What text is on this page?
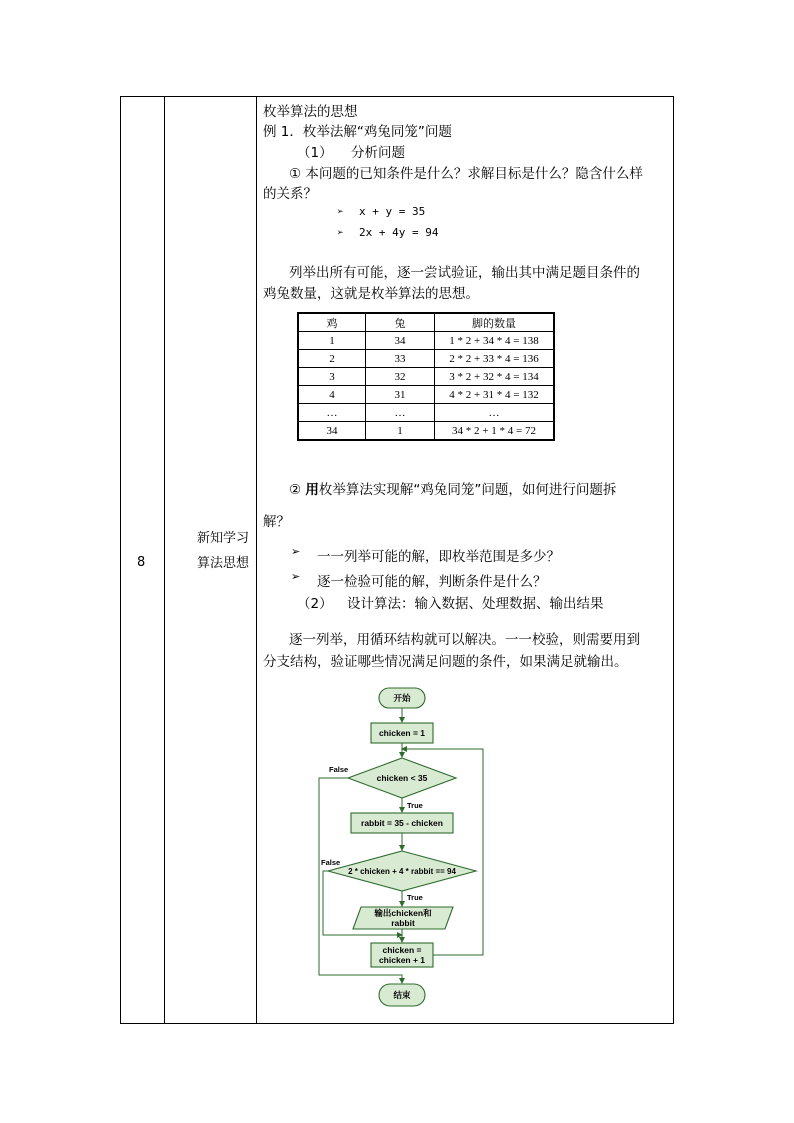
8
新知学习
算法思想
枚举算法的思想
例 1．枚举法解“鸡兔同笼”问题
（1） 分析问题
① 本问题的已知条件是什么？求解目标是什么？隐含什么样
的关系？
➢ x + y = 35
➢ 2x + 4y = 94
列举出所有可能，逐一尝试验证，输出其中满足题目条件的
鸡兔数量，这就是枚举算法的思想。
鸡	兔	脚的数量
1	34	1 * 2 + 34 * 4 = 138
2	33	2 * 2 + 33 * 4 = 136
3	32	3 * 2 + 32 * 4 = 134
4	31	4 * 2 + 31 * 4 = 132
…	…	…
34	1	34 * 2 + 1 * 4 = 72
② 用枚举算法实现解“鸡兔同笼”问题，如何进行问题拆
解？
➢ 一一列举可能的解，即枚举范围是多少？
➢ 逐一检验可能的解，判断条件是什么？
（2） 设计算法：输入数据、处理数据、输出结果
逐一列举，用循环结构就可以解决。一一校验，则需要用到
分支结构，验证哪些情况满足问题的条件，如果满足就输出。
开始
chicken = 1
chicken < 35
rabbit = 35 - chicken
2 * chicken + 4 * rabbit == 94
输出chicken和
rabbit
chicken =
chicken + 1
结束
True
True
False
False
